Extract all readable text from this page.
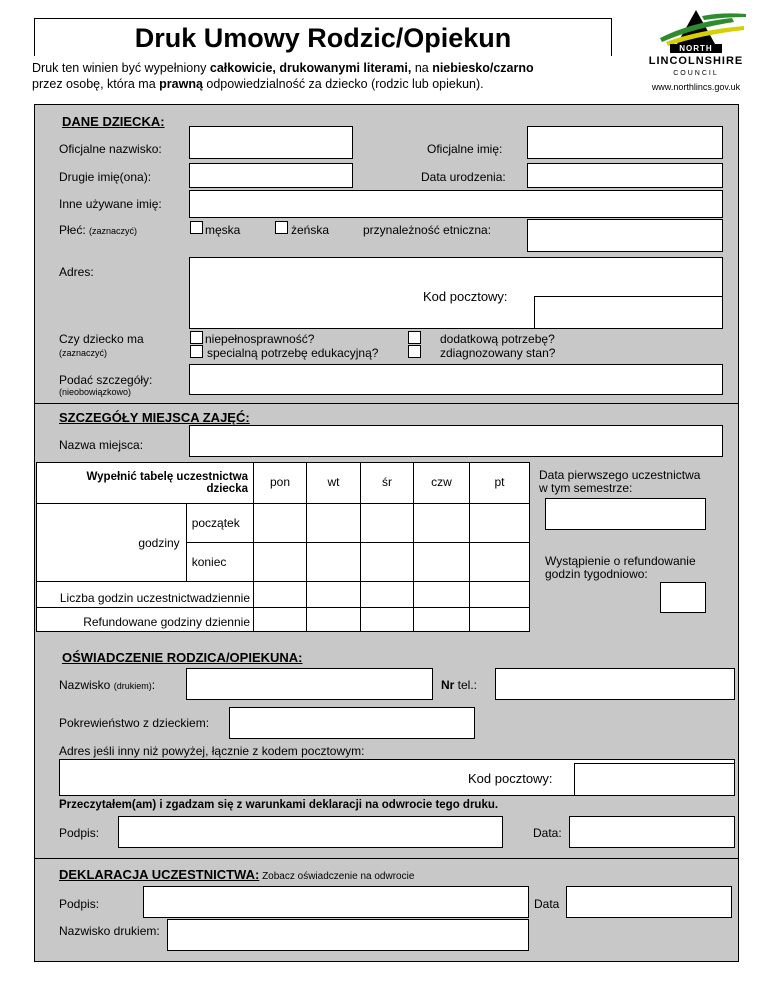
Druk Umowy Rodzic/Opiekun
Druk ten winien być wypełniony całkowicie, drukowanymi literami, na niebiesko/czarno
przez osobę, która ma prawną odpowiedzialność za dziecko (rodzic lub opiekun).
NORTH
LINCOLNSHIRE
COUNCIL
www.northlincs.gov.uk
DANE DZIECKA:
Oficjalne nazwisko:	Oficjalne imię:
Drugie imię(ona):	Data urodzenia:
Inne używane imię:
Płeć: (zaznaczyć)	męska	żeńska	przynależność etniczna:
Adres:
Kod pocztowy:
Czy dziecko ma
(zaznaczyć)
niepełnosprawność?
specialną potrzebę edukacyjną?
dodatkową potrzebę?
zdiagnozowany stan?
Podać szczegóły:
(nieobowiązkowo)
SZCZEGÓŁY MIEJSCA ZAJĘĆ:
Nazwa miejsca:
Wypełnić tabelę uczestnictwa
dziecka		pon	wt	śr	czw	pt
godziny	początek					
	koniec					
Liczba godzin uczestnictwadziennie						
Refundowane godziny dziennie						
Data pierwszego uczestnictwa
w tym semestrze:
Wystąpienie o refundowanie
godzin tygodniowo:
OŚWIADCZENIE RODZICA/OPIEKUNA:
Nazwisko (drukiem):	Nr tel.:
Pokrewieństwo z dzieckiem:
Adres jeśli inny niż powyżej, łącznie z kodem pocztowym:
Kod pocztowy:
Przeczytałem(am) i zgadzam się z warunkami deklaracji na odwrocie tego druku.
Podpis:	Data:
DEKLARACJA UCZESTNICTWA: Zobacz oświadczenie na odwrocie
Podpis:	Data
Nazwisko drukiem:
